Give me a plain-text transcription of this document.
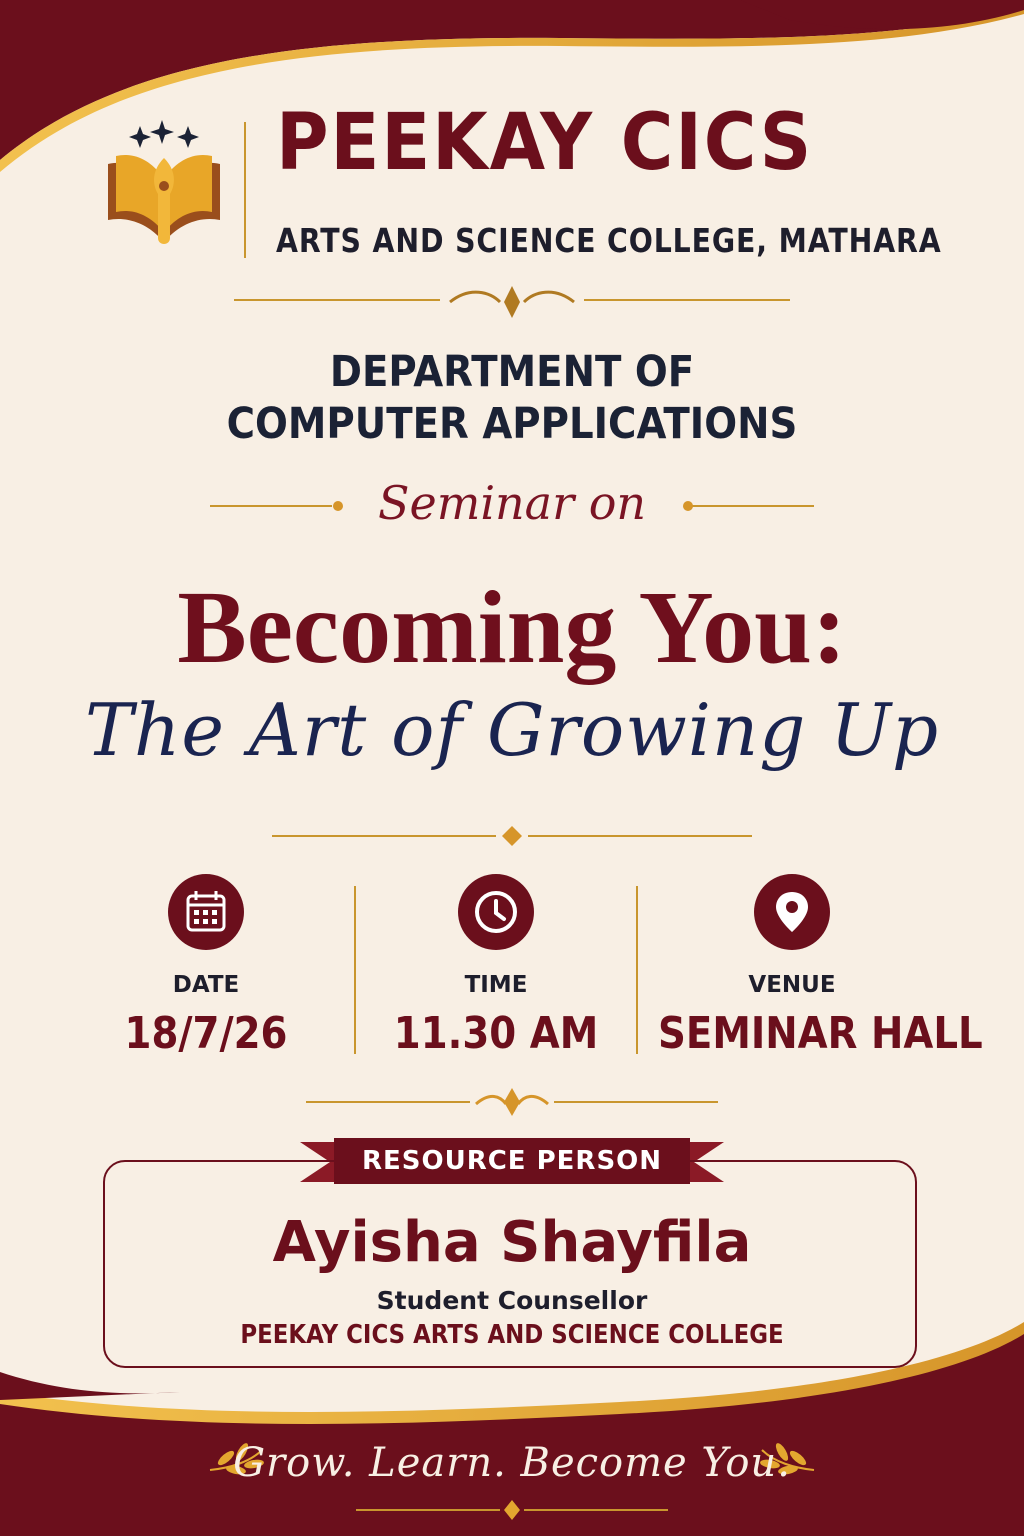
PEEKAY CICS
ARTS AND SCIENCE COLLEGE, MATHARA
DEPARTMENT OF
COMPUTER APPLICATIONS
Seminar on
Becoming You:
The Art of Growing Up
DATE
18/7/26
TIME
11.30 AM
VENUE
SEMINAR HALL
RESOURCE PERSON
Ayisha Shayfila
Student Counsellor
PEEKAY CICS ARTS AND SCIENCE COLLEGE
Grow. Learn. Become You.
